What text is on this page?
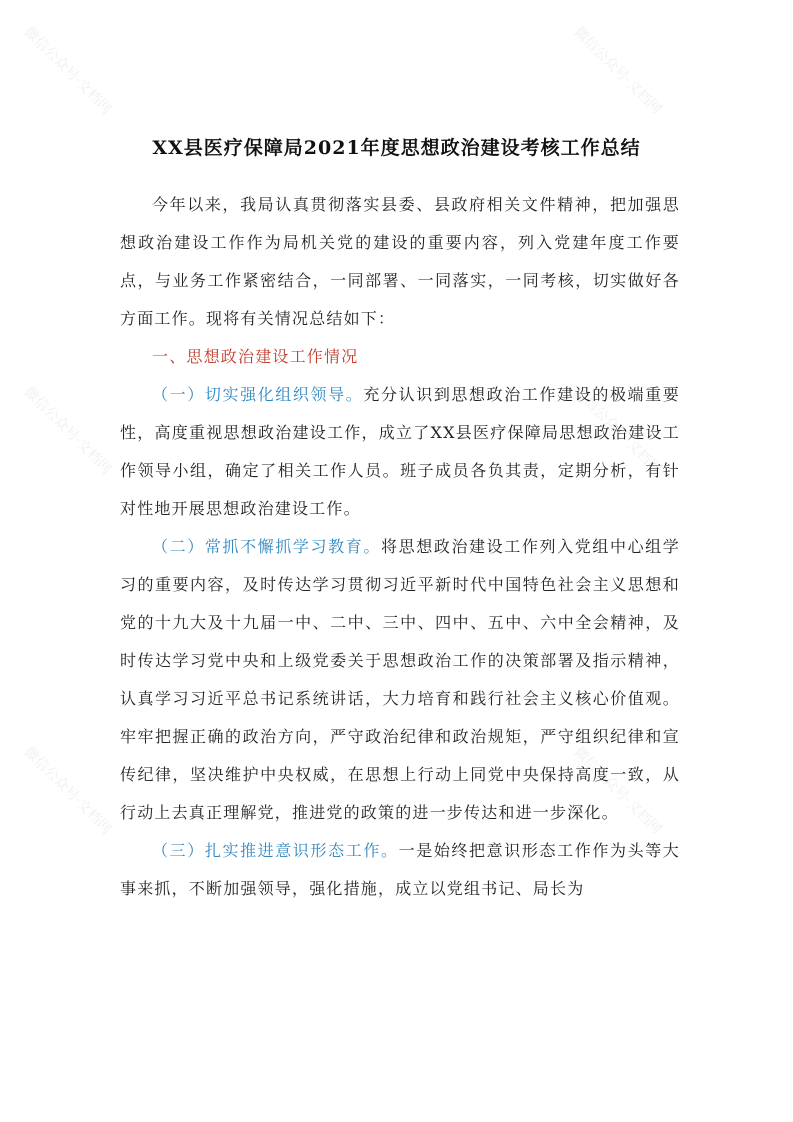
微信公众号·文档网	微信公众号·文档网
微信公众号·文档网	微信公众号·文档网
微信公众号·文档网	微信公众号·文档网
XX县医疗保障局2021年度思想政治建设考核工作总结

今年以来，我局认真贯彻落实县委、县政府相关文件精神，把加强思想政治建设工作作为局机关党的建设的重要内容，列入党建年度工作要点，与业务工作紧密结合，一同部署、一同落实，一同考核，切实做好各方面工作。现将有关情况总结如下：

一、思想政治建设工作情况

（一）切实强化组织领导。充分认识到思想政治工作建设的极端重要性，高度重视思想政治建设工作，成立了XX县医疗保障局思想政治建设工作领导小组，确定了相关工作人员。班子成员各负其责，定期分析，有针对性地开展思想政治建设工作。

（二）常抓不懈抓学习教育。将思想政治建设工作列入党组中心组学习的重要内容，及时传达学习贯彻习近平新时代中国特色社会主义思想和党的十九大及十九届一中、二中、三中、四中、五中、六中全会精神，及时传达学习党中央和上级党委关于思想政治工作的决策部署及指示精神，认真学习习近平总书记系统讲话，大力培育和践行社会主义核心价值观。牢牢把握正确的政治方向，严守政治纪律和政治规矩，严守组织纪律和宣传纪律，坚决维护中央权威，在思想上行动上同党中央保持高度一致，从行动上去真正理解党，推进党的政策的进一步传达和进一步深化。

（三）扎实推进意识形态工作。一是始终把意识形态工作作为头等大事来抓，不断加强领导，强化措施，成立以党组书记、局长为
